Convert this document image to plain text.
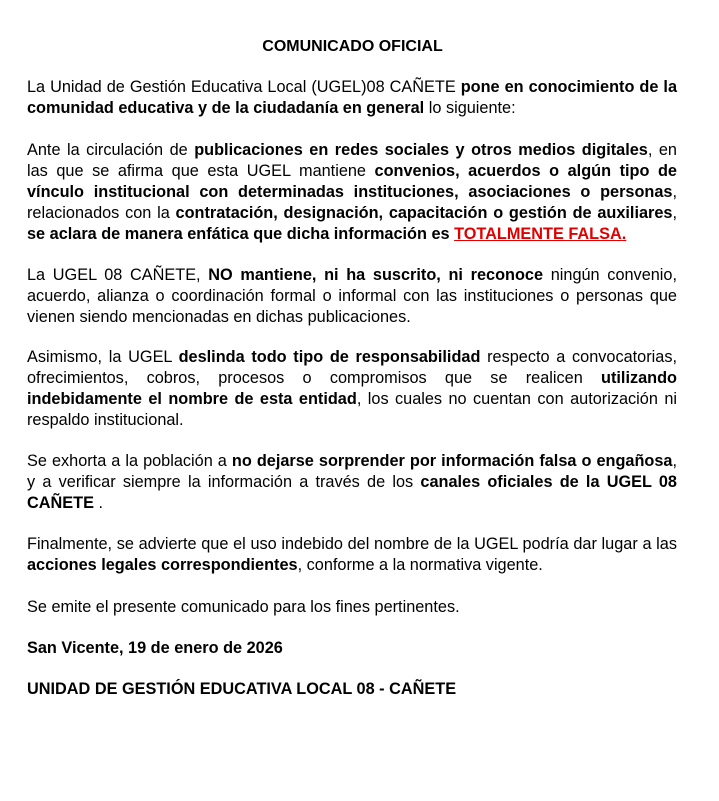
COMUNICADO OFICIAL

La Unidad de Gestión Educativa Local (UGEL)08 CAÑETE pone en conocimiento de la comunidad educativa y de la ciudadanía en general lo siguiente:

Ante la circulación de publicaciones en redes sociales y otros medios digitales, en las que se afirma que esta UGEL mantiene convenios, acuerdos o algún tipo de vínculo institucional con determinadas instituciones, asociaciones o personas, relacionados con la contratación, designación, capacitación o gestión de auxiliares, se aclara de manera enfática que dicha información es TOTALMENTE FALSA.

La UGEL 08 CAÑETE, NO mantiene, ni ha suscrito, ni reconoce ningún convenio, acuerdo, alianza o coordinación formal o informal con las instituciones o personas que vienen siendo mencionadas en dichas publicaciones.

Asimismo, la UGEL deslinda todo tipo de responsabilidad respecto a convocatorias, ofrecimientos, cobros, procesos o compromisos que se realicen utilizando indebidamente el nombre de esta entidad, los cuales no cuentan con autorización ni respaldo institucional.

Se exhorta a la población a no dejarse sorprender por información falsa o engañosa, y a verificar siempre la información a través de los canales oficiales de la UGEL 08 CAÑETE .

Finalmente, se advierte que el uso indebido del nombre de la UGEL podría dar lugar a las acciones legales correspondientes, conforme a la normativa vigente.

Se emite el presente comunicado para los fines pertinentes.

San Vicente, 19 de enero de 2026

UNIDAD DE GESTIÓN EDUCATIVA LOCAL 08 - CAÑETE
